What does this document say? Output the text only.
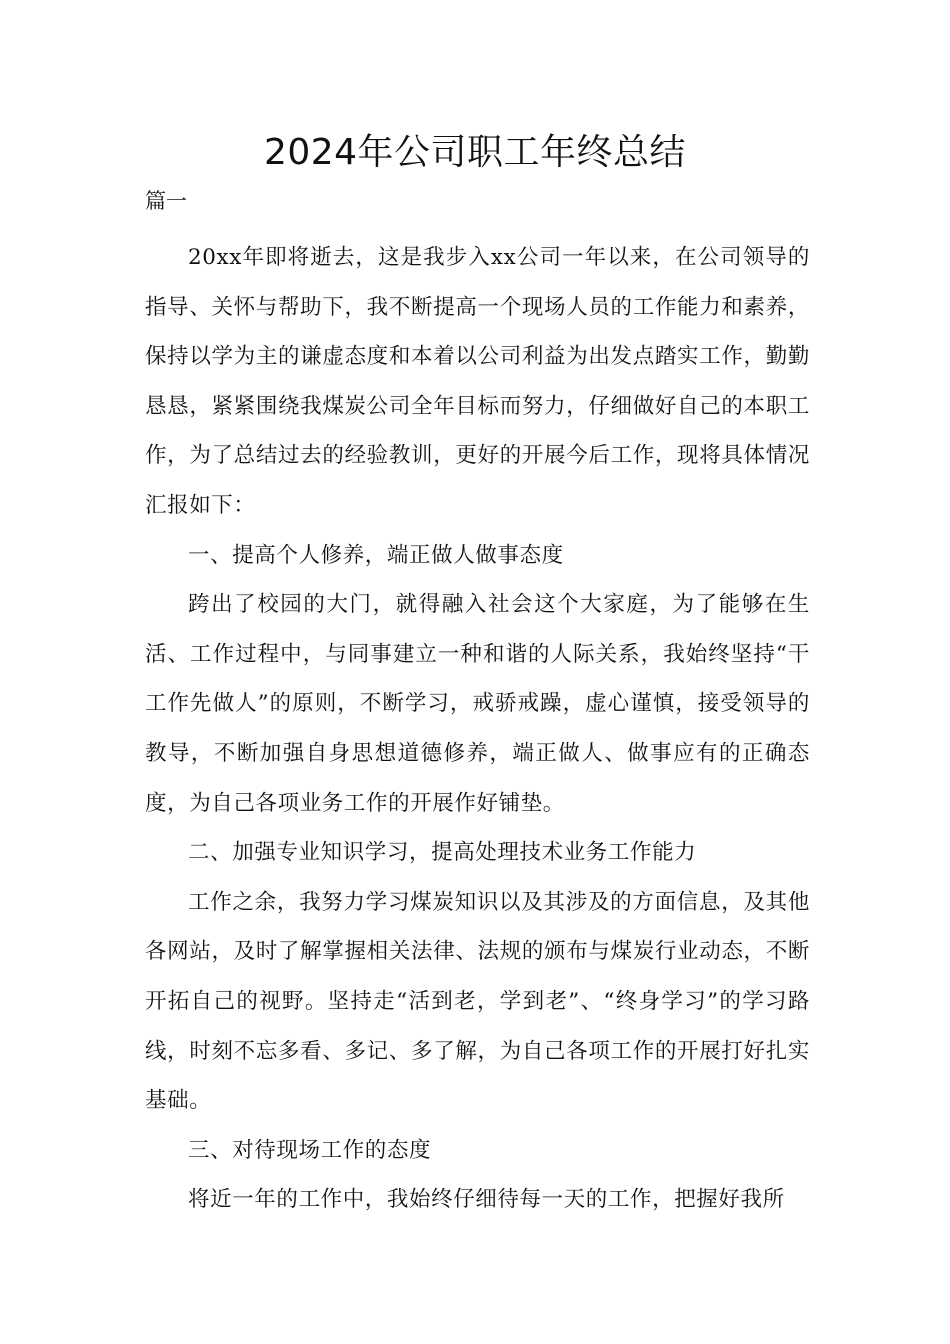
2024年公司职工年终总结

篇一

20xx年即将逝去，这是我步入xx公司一年以来，在公司领导的指导、关怀与帮助下，我不断提高一个现场人员的工作能力和素养，保持以学为主的谦虚态度和本着以公司利益为出发点踏实工作，勤勤恳恳，紧紧围绕我煤炭公司全年目标而努力，仔细做好自己的本职工作，为了总结过去的经验教训，更好的开展今后工作，现将具体情况汇报如下：

一、提高个人修养，端正做人做事态度

跨出了校园的大门，就得融入社会这个大家庭，为了能够在生活、工作过程中，与同事建立一种和谐的人际关系，我始终坚持“干工作先做人”的原则，不断学习，戒骄戒躁，虚心谨慎，接受领导的教导，不断加强自身思想道德修养，端正做人、做事应有的正确态度，为自己各项业务工作的开展作好铺垫。

二、加强专业知识学习，提高处理技术业务工作能力

工作之余，我努力学习煤炭知识以及其涉及的方面信息，及其他各网站，及时了解掌握相关法律、法规的颁布与煤炭行业动态，不断开拓自己的视野。坚持走“活到老，学到老”、“终身学习”的学习路线，时刻不忘多看、多记、多了解，为自己各项工作的开展打好扎实基础。

三、对待现场工作的态度

将近一年的工作中，我始终仔细待每一天的工作，把握好我所
